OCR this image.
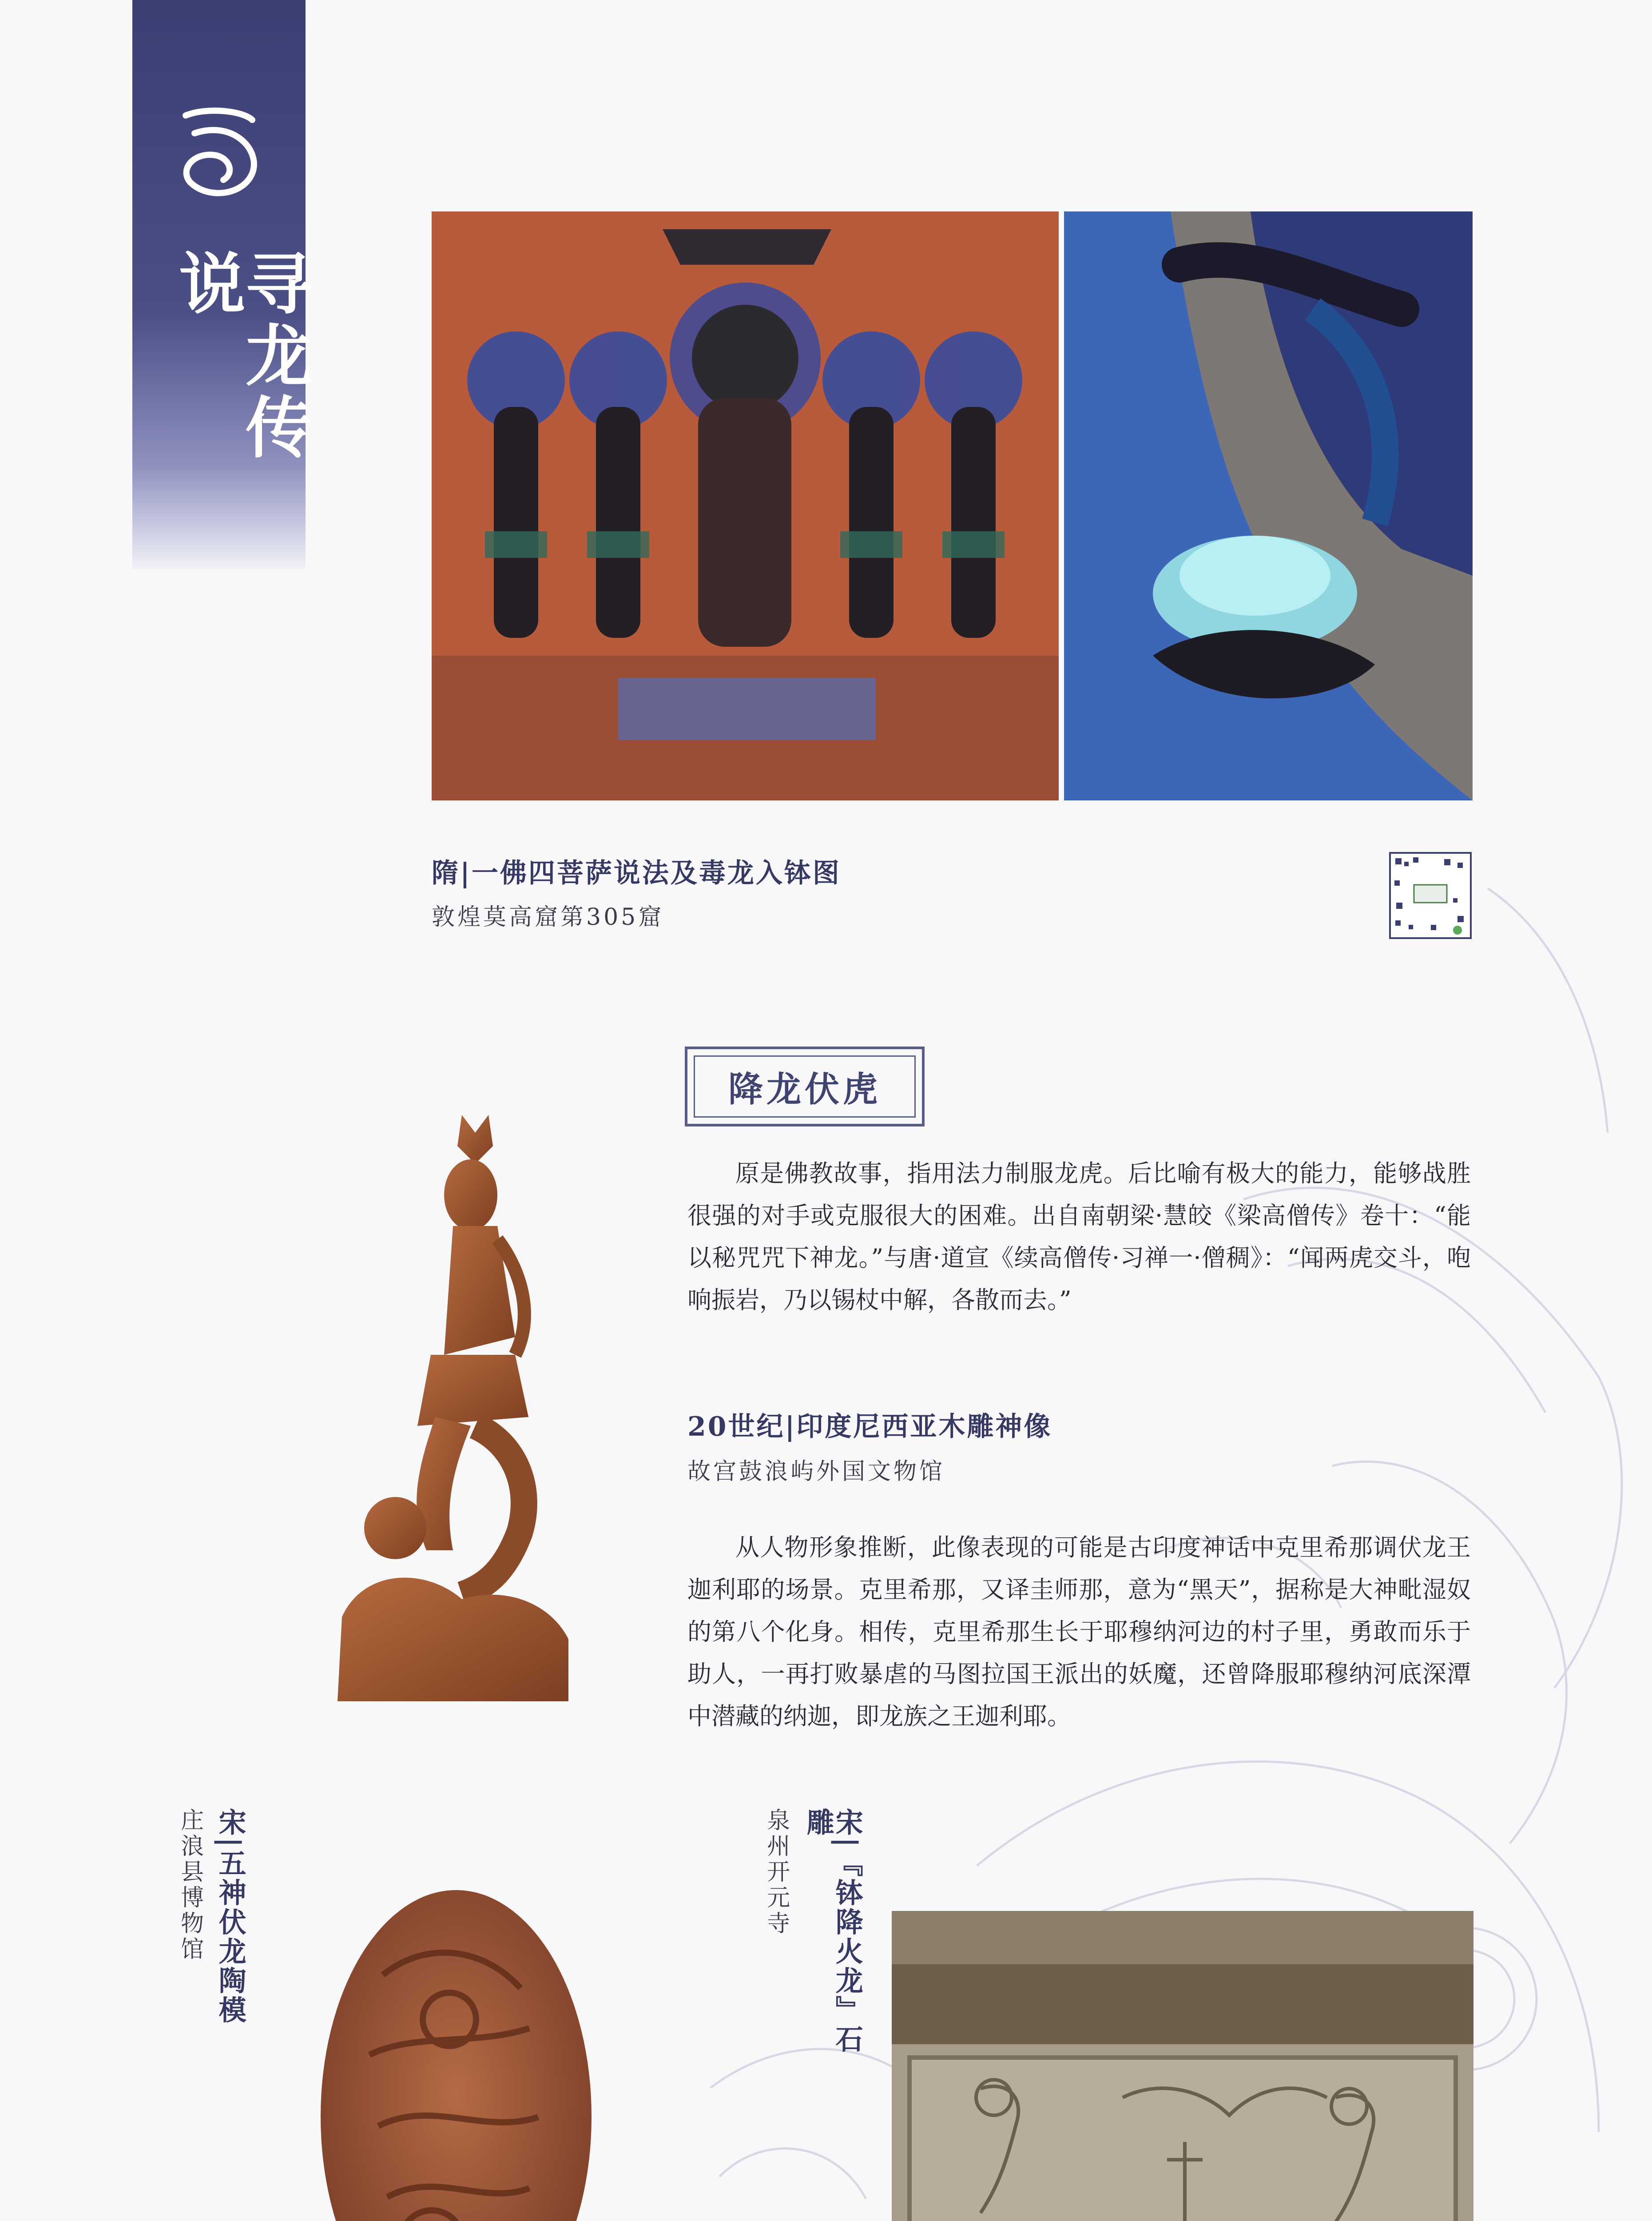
寻龙传说
隋|一佛四菩萨说法及毒龙入钵图
敦煌莫高窟第305窟
降龙伏虎

原是佛教故事，指用法力制服龙虎。后比喻有极大的能力，能够战胜很强的对手或克服很大的困难。出自南朝梁·慧皎《梁高僧传》卷十：“能以秘咒咒下神龙。”与唐·道宣《续高僧传·习禅一·僧稠》：“闻两虎交斗，咆响振岩，乃以锡杖中解，各散而去。”

20世纪|印度尼西亚木雕神像
故宫鼓浪屿外国文物馆

从人物形象推断，此像表现的可能是古印度神话中克里希那调伏龙王迦利耶的场景。克里希那，又译圭师那，意为“黑天”，据称是大神毗湿奴的第八个化身。相传，克里希那生长于耶穆纳河边的村子里，勇敢而乐于助人，一再打败暴虐的马图拉国王派出的妖魔，还曾降服耶穆纳河底深潭中潜藏的纳迦，即龙族之王迦利耶。

宋|五神伏龙陶模
庄浪县博物馆	宋|『钵降火龙』石雕
泉州开元寺
